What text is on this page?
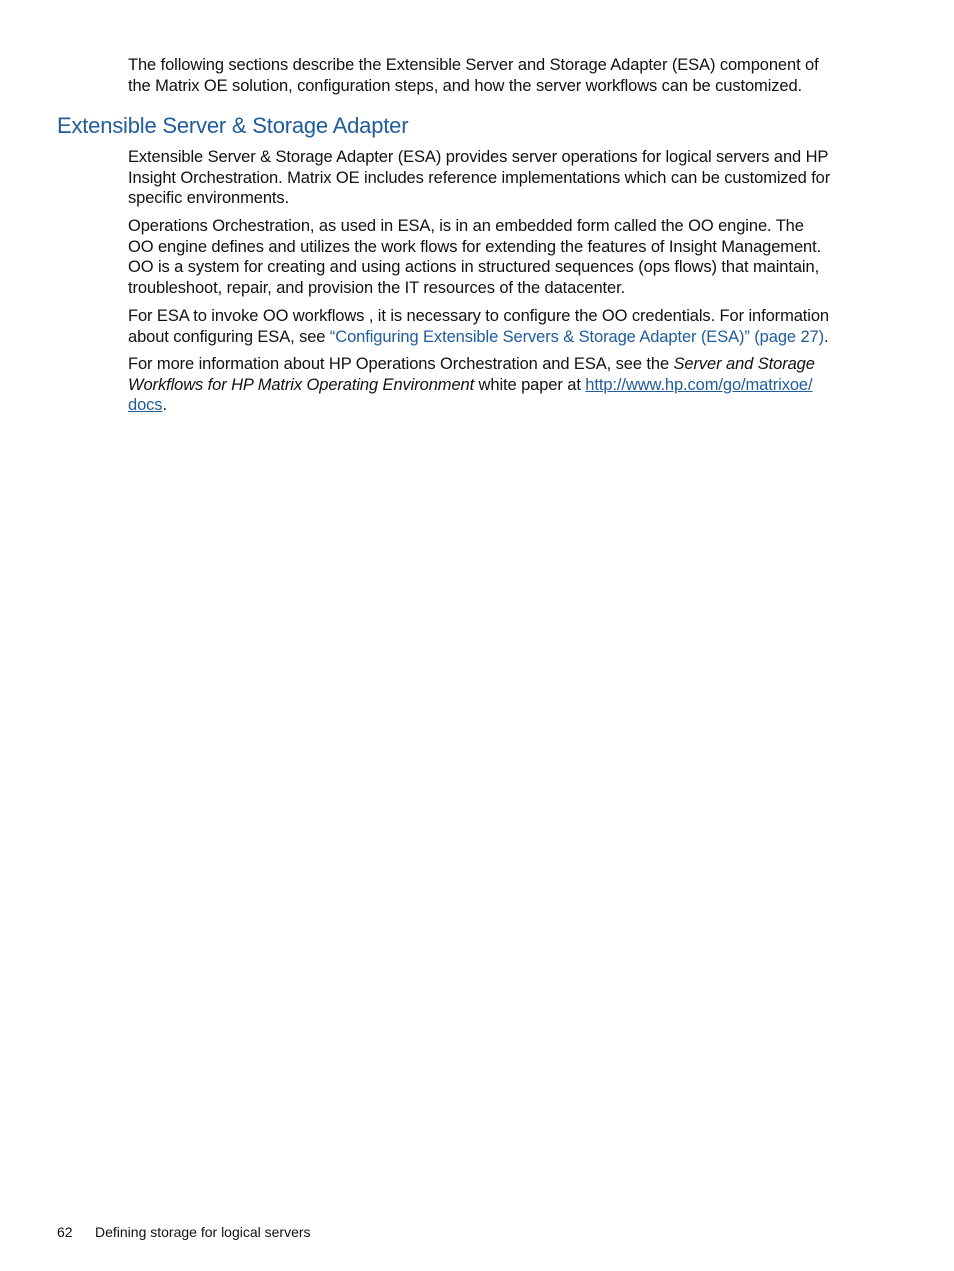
The following sections describe the Extensible Server and Storage Adapter (ESA) component of
the Matrix OE solution, configuration steps, and how the server workflows can be customized.

Extensible Server & Storage Adapter

Extensible Server & Storage Adapter (ESA) provides server operations for logical servers and HP
Insight Orchestration. Matrix OE includes reference implementations which can be customized for
specific environments.

Operations Orchestration, as used in ESA, is in an embedded form called the OO engine. The
OO engine defines and utilizes the work flows for extending the features of Insight Management.
OO is a system for creating and using actions in structured sequences (ops flows) that maintain,
troubleshoot, repair, and provision the IT resources of the datacenter.

For ESA to invoke OO workflows , it is necessary to configure the OO credentials. For information
about configuring ESA, see “Configuring Extensible Servers & Storage Adapter (ESA)” (page 27).

For more information about HP Operations Orchestration and ESA, see the Server and Storage
Workflows for HP Matrix Operating Environment white paper at http://www.hp.com/go/matrixoe/
docs.

62 Defining storage for logical servers
